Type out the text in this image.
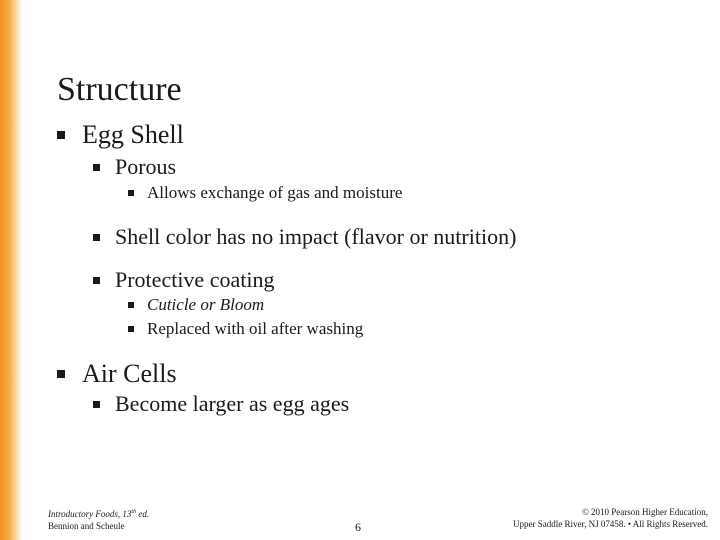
Structure
Egg Shell
Porous
Allows exchange of gas and moisture
Shell color has no impact (flavor or nutrition)
Protective coating
Cuticle or Bloom
Replaced with oil after washing
Air Cells
Become larger as egg ages
Introductory Foods, 13th ed.
Bennion and Scheule	6
© 2010 Pearson Higher Education,
Upper Saddle River, NJ 07458. • All Rights Reserved.
